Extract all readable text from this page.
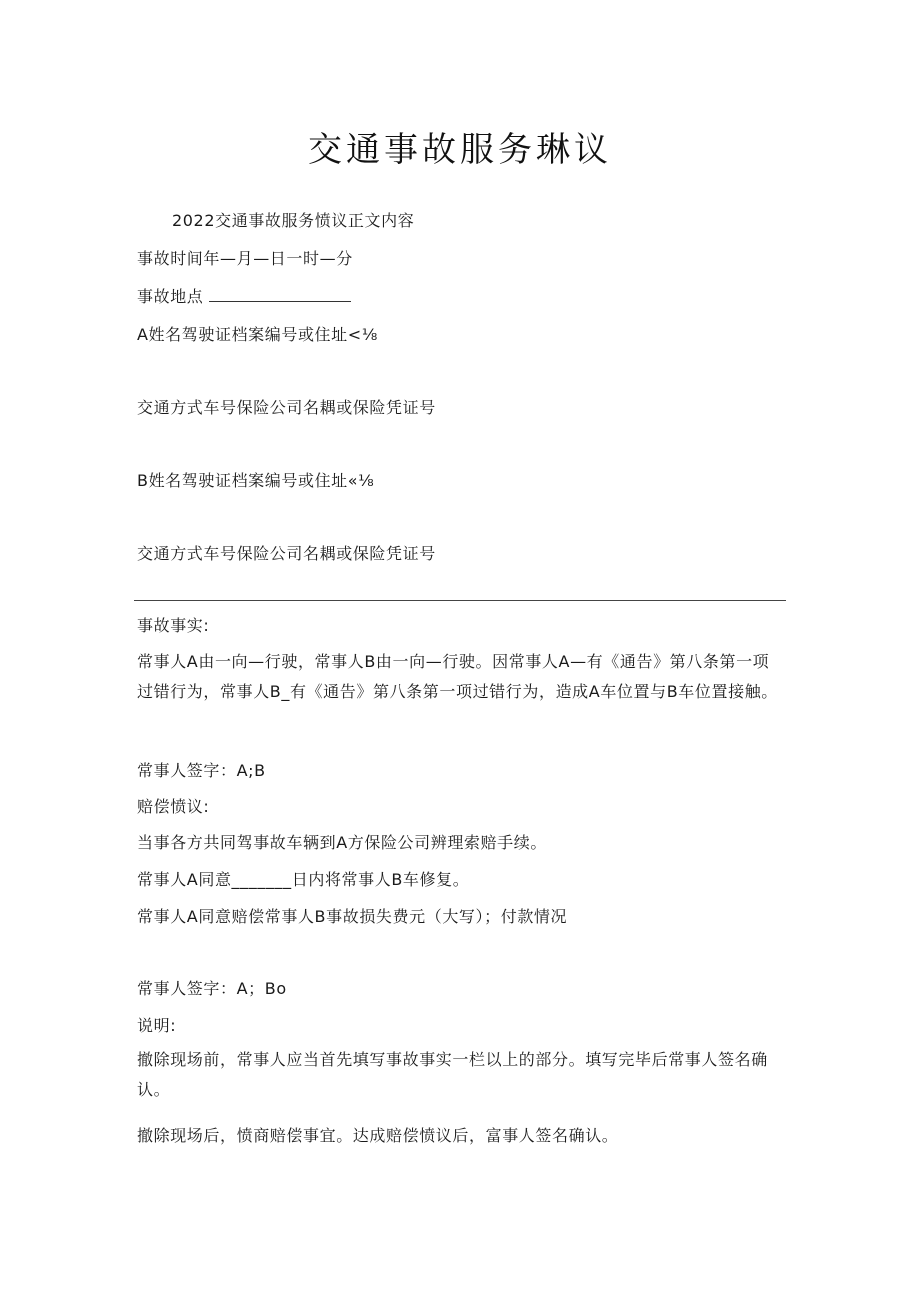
交通事故服务琳议
2022交通事故服务愤议正文内容
事故时间年—月—日一时—分
事故地点
A姓名驾驶证档案编号或住址<⅛
交通方式车号保险公司名耦或保险凭证号
B姓名驾驶证档案编号或住址«⅛
交通方式车号保险公司名耦或保险凭证号
事故事实:
常事人A由一向—行驶，常事人B由一向—行驶。因常事人A—有《通告》第八条第一项过错行为，常事人B_有《通告》第八条第一项过错行为，造成A车位置与B车位置接触。
常事人签字：A;B
赔偿愤议:
当事各方共同驾事故车辆到A方保险公司辨理索赔手续。
常事人A同意_______日内将常事人B车修复。
常事人A同意赔偿常事人B事故损失费元（大写）；付款情况
常事人签字：A；Bo
说明:
撤除现场前，常事人应当首先填写事故事实一栏以上的部分。填写完毕后常事人签名确认。
撤除现场后，愤商赔偿事宜。达成赔偿愤议后，富事人签名确认。
